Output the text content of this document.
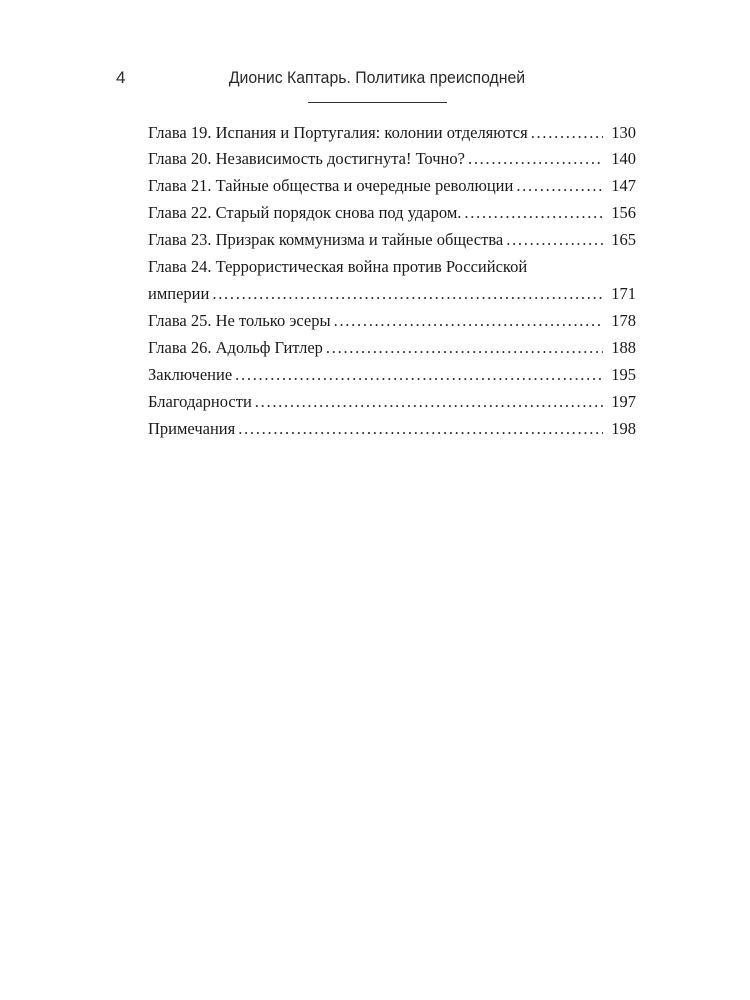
4	Дионис Каптарь. Политика преисподней
Глава 19. Испания и Португалия: колонии отделяются . . .	130
Глава 20. Независимость достигнута! Точно? . . .	140
Глава 21. Тайные общества и очередные революции . . .	147
Глава 22. Старый порядок снова под ударом. . . .	156
Глава 23. Призрак коммунизма и тайные общества . . .	165
Глава 24. Террористическая война против Российской
империи . . .	171
Глава 25. Не только эсеры . . .	178
Глава 26. Адольф Гитлер . . .	188
Заключение . . .	195
Благодарности . . .	197
Примечания . . .	198
